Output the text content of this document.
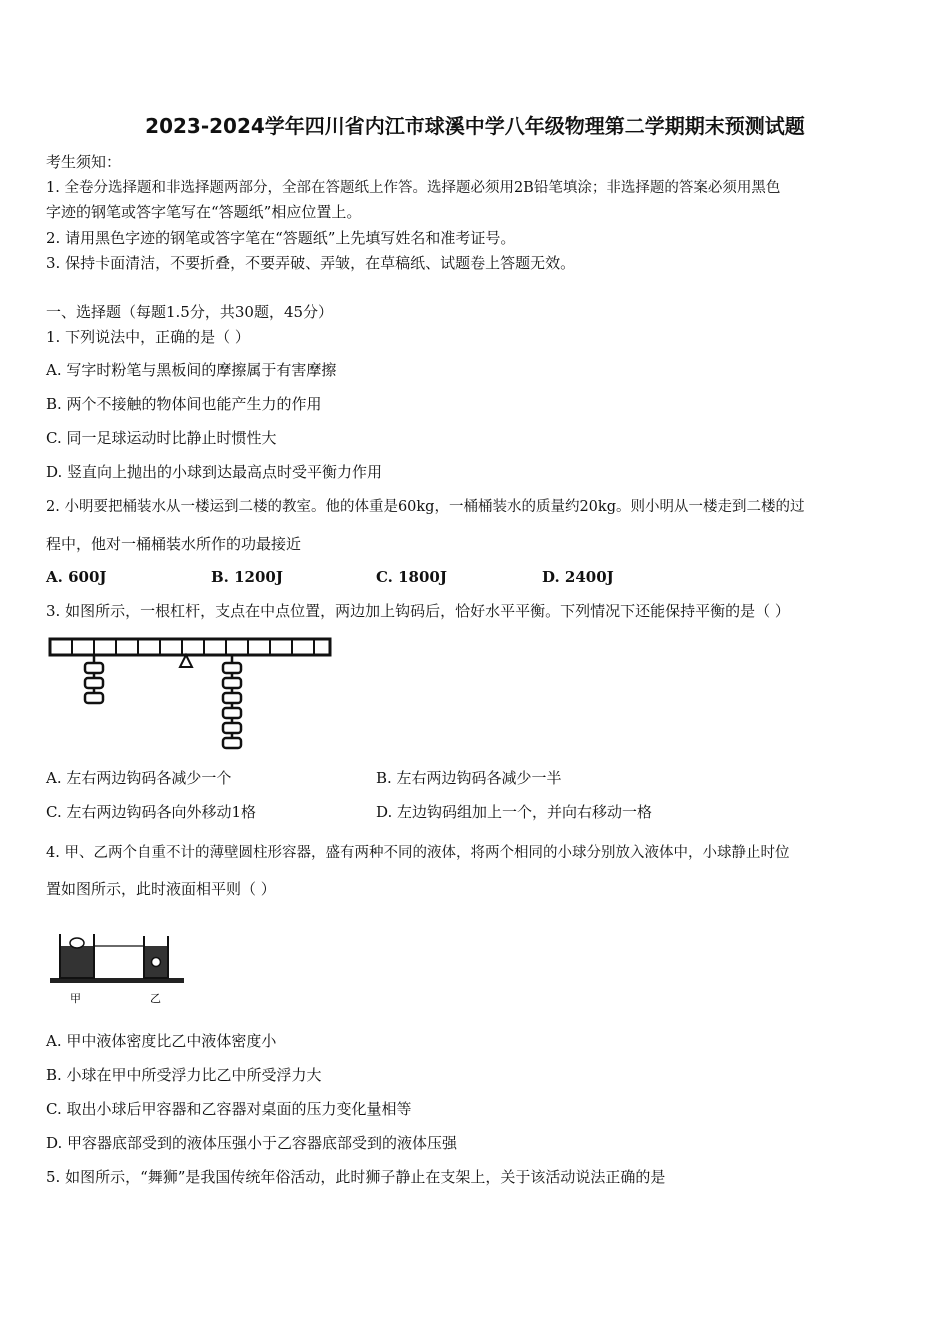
2023-2024学年四川省内江市球溪中学八年级物理第二学期期末预测试题
考生须知：
1. 全卷分选择题和非选择题两部分，全部在答题纸上作答。选择题必须用2B铅笔填涂；非选择题的答案必须用黑色
字迹的钢笔或答字笔写在“答题纸”相应位置上。
2. 请用黑色字迹的钢笔或答字笔在“答题纸”上先填写姓名和准考证号。
3. 保持卡面清洁，不要折叠，不要弄破、弄皱，在草稿纸、试题卷上答题无效。
一、选择题（每题1.5分，共30题，45分）
1. 下列说法中，正确的是（ ）
A. 写字时粉笔与黑板间的摩擦属于有害摩擦
B. 两个不接触的物体间也能产生力的作用
C. 同一足球运动时比静止时惯性大
D. 竖直向上抛出的小球到达最高点时受平衡力作用
2. 小明要把桶装水从一楼运到二楼的教室。他的体重是60kg，一桶桶装水的质量约20kg。则小明从一楼走到二楼的过
程中，他对一桶桶装水所作的功最接近
A. 600J	B. 1200J	C. 1800J	D. 2400J
3. 如图所示，一根杠杆，支点在中点位置，两边加上钩码后，恰好水平平衡。下列情况下还能保持平衡的是（ ）
A. 左右两边钩码各减少一个	B. 左右两边钩码各减少一半
C. 左右两边钩码各向外移动1格	D. 左边钩码组加上一个，并向右移动一格
4. 甲、乙两个自重不计的薄壁圆柱形容器，盛有两种不同的液体，将两个相同的小球分别放入液体中，小球静止时位
置如图所示，此时液面相平则（ ）
甲	乙
A. 甲中液体密度比乙中液体密度小
B. 小球在甲中所受浮力比乙中所受浮力大
C. 取出小球后甲容器和乙容器对桌面的压力变化量相等
D. 甲容器底部受到的液体压强小于乙容器底部受到的液体压强
5. 如图所示，“舞狮”是我国传统年俗活动，此时狮子静止在支架上，关于该活动说法正确的是
